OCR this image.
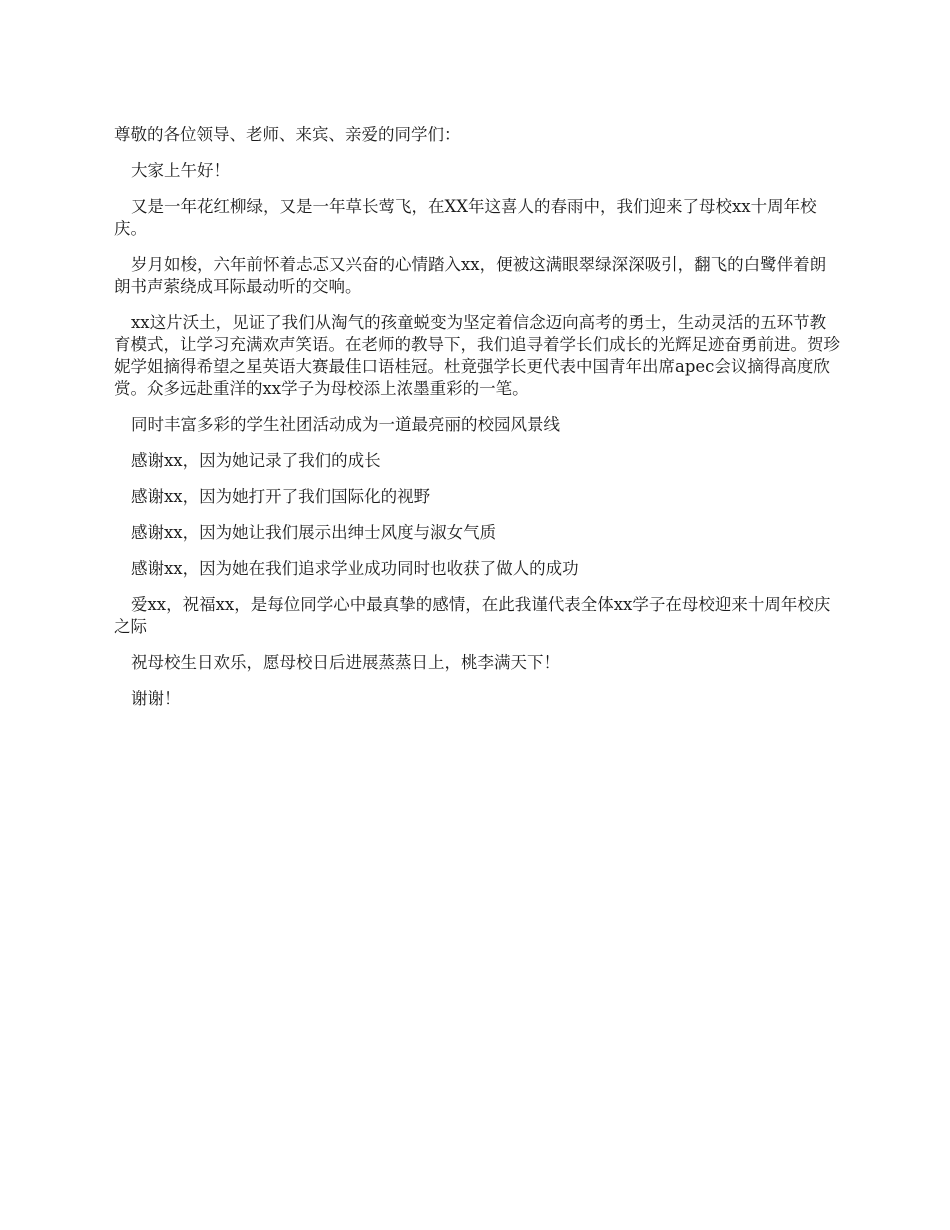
尊敬的各位领导、老师、来宾、亲爱的同学们：

大家上午好！

又是一年花红柳绿，又是一年草长莺飞，在XX年这喜人的春雨中，我们迎来了母校xx十周年校庆。

岁月如梭，六年前怀着忐忑又兴奋的心情踏入xx，便被这满眼翠绿深深吸引，翻飞的白鹭伴着朗朗书声萦绕成耳际最动听的交响。

xx这片沃土，见证了我们从淘气的孩童蜕变为坚定着信念迈向高考的勇士，生动灵活的五环节教育模式，让学习充满欢声笑语。在老师的教导下，我们追寻着学长们成长的光辉足迹奋勇前进。贺珍妮学姐摘得希望之星英语大赛最佳口语桂冠。杜竟强学长更代表中国青年出席apec会议摘得高度欣赏。众多远赴重洋的xx学子为母校添上浓墨重彩的一笔。

同时丰富多彩的学生社团活动成为一道最亮丽的校园风景线

感谢xx，因为她记录了我们的成长

感谢xx，因为她打开了我们国际化的视野

感谢xx，因为她让我们展示出绅士风度与淑女气质

感谢xx，因为她在我们追求学业成功同时也收获了做人的成功

爱xx，祝福xx，是每位同学心中最真挚的感情，在此我谨代表全体xx学子在母校迎来十周年校庆之际

祝母校生日欢乐，愿母校日后进展蒸蒸日上，桃李满天下！

谢谢！
